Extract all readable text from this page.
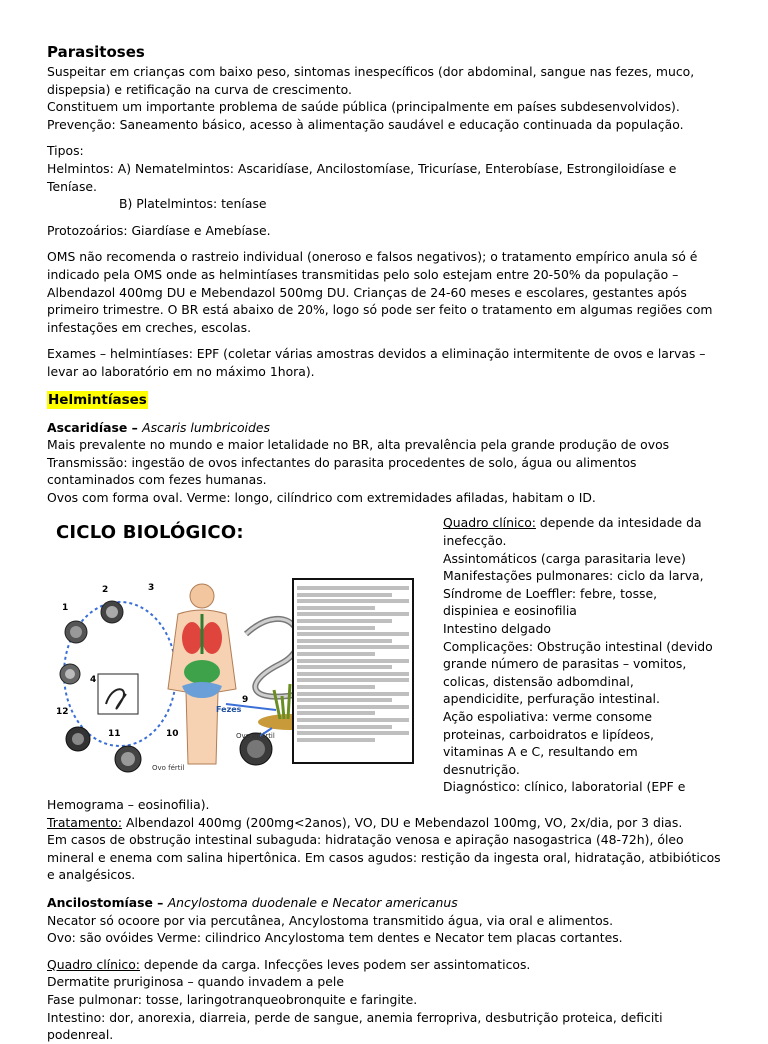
Parasitoses

Suspeitar em crianças com baixo peso, sintomas inespecíficos (dor abdominal, sangue nas fezes, muco, dispepsia) e retificação na curva de crescimento.

Constituem um importante problema de saúde pública (principalmente em países subdesenvolvidos). Prevenção: Saneamento básico, acesso à alimentação saudável e educação continuada da população.

Tipos:

Helmintos: A) Nematelmintos: Ascaridíase, Ancilostomíase, Tricuríase, Enterobíase, Estrongiloidíase e Teníase.

B) Platelmintos: teníase

Protozoários: Giardíase e Amebíase.

OMS não recomenda o rastreio individual (oneroso e falsos negativos); o tratamento empírico anula só é indicado pela OMS onde as helmintíases transmitidas pelo solo estejam entre 20-50% da população – Albendazol 400mg DU e Mebendazol 500mg DU. Crianças de 24-60 meses e escolares, gestantes após primeiro trimestre. O BR está abaixo de 20%, logo só pode ser feito o tratamento em algumas regiões com infestações em creches, escolas.

Exames – helmintíases: EPF (coletar várias amostras devidos a eliminação intermitente de ovos e larvas – levar ao laboratório em no máximo 1hora).

Helmintíases

Ascaridíase – Ascaris lumbricoides

Mais prevalente no mundo e maior letalidade no BR, alta prevalência pela grande produção de ovos

Transmissão: ingestão de ovos infectantes do parasita procedentes de solo, água ou alimentos contaminados com fezes humanas.

Ovos com forma oval. Verme: longo, cilíndrico com extremidades afiladas, habitam o ID.

CICLO BIOLÓGICO:
1
2	3
4
9
10
11
12	Fezes
Ovo fértil
Ovo infértil

Quadro clínico: depende da intesidade da inefecção.

Assintomáticos (carga parasitaria leve)

Manifestações pulmonares: ciclo da larva, Síndrome de Loeffler: febre, tosse, dispiniea e eosinofilia

Intestino delgado

Complicações: Obstrução intestinal (devido grande número de parasitas – vomitos, colicas, distensão adbomdinal, apendicidite, perfuração intestinal.

Ação espoliativa: verme consome proteinas, carboidratos e lipídeos, vitaminas A e C, resultando em desnutrição.

Diagnóstico: clínico, laboratorial (EPF e

Hemograma – eosinofilia).

Tratamento: Albendazol 400mg (200mg<2anos), VO, DU e Mebendazol 100mg, VO, 2x/dia, por 3 dias.

Em casos de obstrução intestinal subaguda: hidratação venosa e apiração nasogastrica (48-72h), óleo mineral e enema com salina hipertônica. Em casos agudos: restição da ingesta oral, hidratação, atbibióticos e analgésicos.

Ancilostomíase – Ancylostoma duodenale e Necator americanus

Necator só ocoore por via percutânea, Ancylostoma transmitido água, via oral e alimentos.

Ovo: são ovóides Verme: cilindrico Ancylostoma tem dentes e Necator tem placas cortantes.

Quadro clínico: depende da carga. Infecções leves podem ser assintomaticos.

Dermatite pruriginosa – quando invadem a pele

Fase pulmonar: tosse, laringotranqueobronquite e faringite.

Intestino: dor, anorexia, diarreia, perde de sangue, anemia ferropriva, desbutrição proteica, deficiti podenreal.
